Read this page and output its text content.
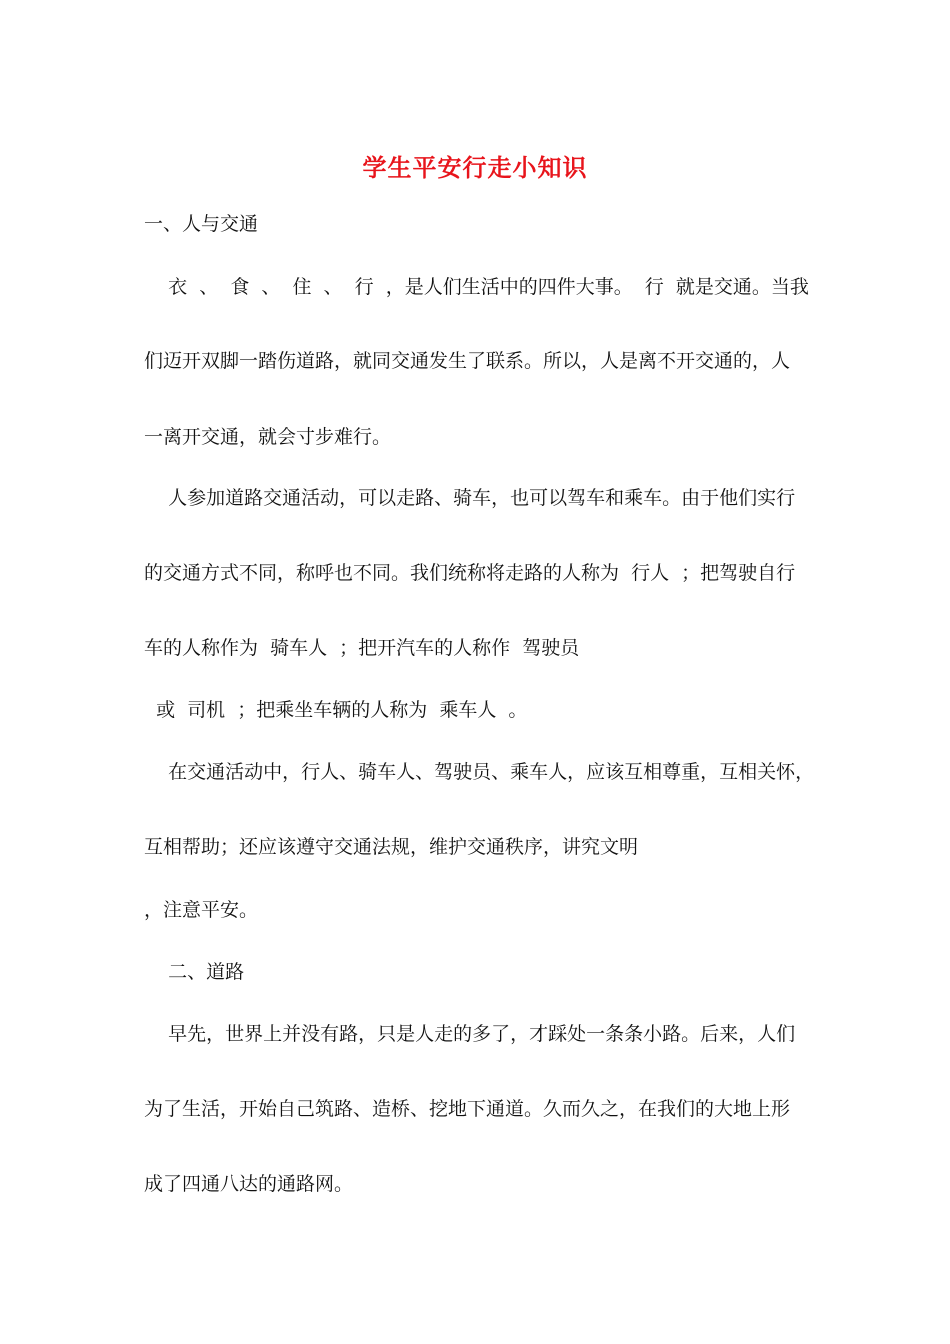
学生平安行走小知识
一、人与交通
衣  、  食  、  住  、  行  ，是人们生活中的四件大事。  行  就是交通。当我
们迈开双脚一踏伤道路，就同交通发生了联系。所以，人是离不开交通的，人
一离开交通，就会寸步难行。
人参加道路交通活动，可以走路、骑车，也可以驾车和乘车。由于他们实行
的交通方式不同，称呼也不同。我们统称将走路的人称为  行人  ；把驾驶自行
车的人称作为  骑车人  ；把开汽车的人称作  驾驶员
或  司机  ；把乘坐车辆的人称为  乘车人  。
在交通活动中，行人、骑车人、驾驶员、乘车人，应该互相尊重，互相关怀，
互相帮助；还应该遵守交通法规，维护交通秩序，讲究文明
，注意平安。
二、道路
早先，世界上并没有路，只是人走的多了，才踩处一条条小路。后来，人们
为了生活，开始自己筑路、造桥、挖地下通道。久而久之，在我们的大地上形
成了四通八达的通路网。
